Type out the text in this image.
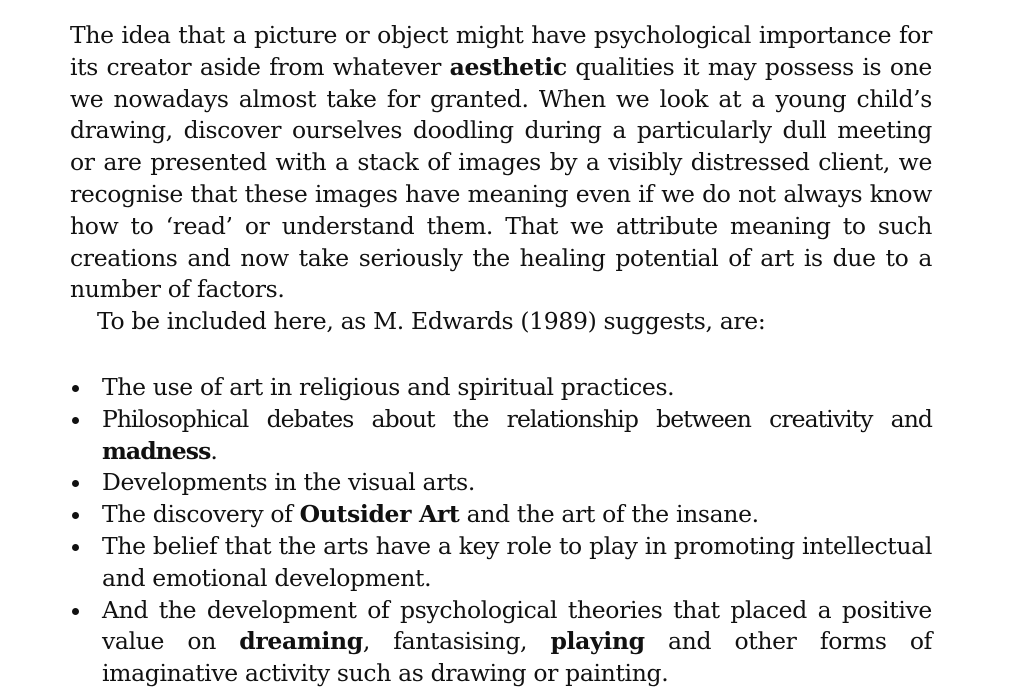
The idea that a picture or object might have psychological importance for its creator aside from whatever aesthetic qualities it may possess is one we nowadays almost take for granted. When we look at a young child’s drawing, discover ourselves doodling during a particularly dull meeting or are presented with a stack of images by a visibly distressed client, we recognise that these images have meaning even if we do not always know how to ‘read’ or understand them. That we attribute meaning to such creations and now take seriously the healing potential of art is due to a number of factors.

To be included here, as M. Edwards (1989) suggests, are:

The use of art in religious and spiritual practices.
Philosophical debates about the relationship between creativity and madness.
Developments in the visual arts.
The discovery of Outsider Art and the art of the insane.
The belief that the arts have a key role to play in promoting intellectual and emotional development.
And the development of psychological theories that placed a positive value on dreaming, fantasising, playing and other forms of imaginative activity such as drawing or painting.
